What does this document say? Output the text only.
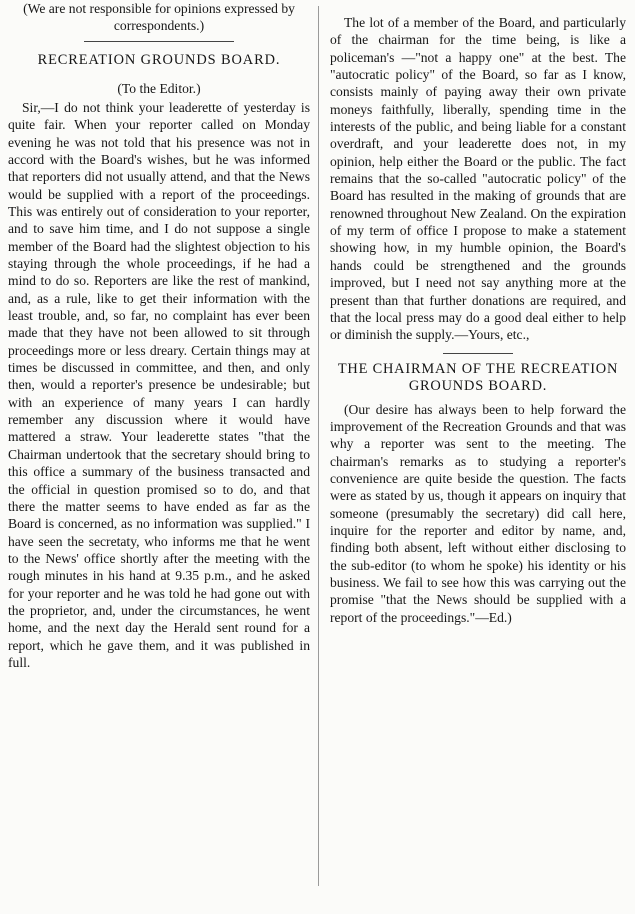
(We are not responsible for opinions expressed by correspondents.)

RECREATION GROUNDS BOARD.

(To the Editor.)

Sir,—I do not think your leaderette of yesterday is quite fair. When your reporter called on Monday evening he was not told that his presence was not in accord with the Board's wishes, but he was informed that reporters did not usually attend, and that the News would be supplied with a report of the proceedings. This was entirely out of consideration to your reporter, and to save him time, and I do not suppose a single member of the Board had the slightest objection to his staying through the whole proceedings, if he had a mind to do so. Reporters are like the rest of mankind, and, as a rule, like to get their information with the least trouble, and, so far, no complaint has ever been made that they have not been allowed to sit through proceedings more or less dreary. Certain things may at times be discussed in committee, and then, and only then, would a reporter's presence be undesirable; but with an experience of many years I can hardly remember any discussion where it would have mattered a straw. Your leaderette states "that the Chairman undertook that the secretary should bring to this office a summary of the business transacted and the official in question promised so to do, and that there the matter seems to have ended as far as the Board is concerned, as no information was supplied." I have seen the secretaty, who informs me that he went to the News' office shortly after the meeting with the rough minutes in his hand at 9.35 p.m., and he asked for your reporter and he was told he had gone out with the proprietor, and, under the circumstances, he went home, and the next day the Herald sent round for a report, which he gave them, and it was published in full.

The lot of a member of the Board, and particularly of the chairman for the time being, is like a policeman's —"not a happy one" at the best. The "autocratic policy" of the Board, so far as I know, consists mainly of paying away their own private moneys faithfully, liberally, spending time in the interests of the public, and being liable for a constant overdraft, and your leaderette does not, in my opinion, help either the Board or the public. The fact remains that the so-called "autocratic policy" of the Board has resulted in the making of grounds that are renowned throughout New Zealand. On the expiration of my term of office I propose to make a statement showing how, in my humble opinion, the Board's hands could be strengthened and the grounds improved, but I need not say anything more at the present than that further donations are required, and that the local press may do a good deal either to help or diminish the supply.—Yours, etc.,

THE CHAIRMAN OF THE RECREATION GROUNDS BOARD.

(Our desire has always been to help forward the improvement of the Recreation Grounds and that was why a reporter was sent to the meeting. The chairman's remarks as to studying a reporter's convenience are quite beside the question. The facts were as stated by us, though it appears on inquiry that someone (presumably the secretary) did call here, inquire for the reporter and editor by name, and, finding both absent, left without either disclosing to the sub-editor (to whom he spoke) his identity or his business. We fail to see how this was carrying out the promise "that the News should be supplied with a report of the proceedings."—Ed.)
